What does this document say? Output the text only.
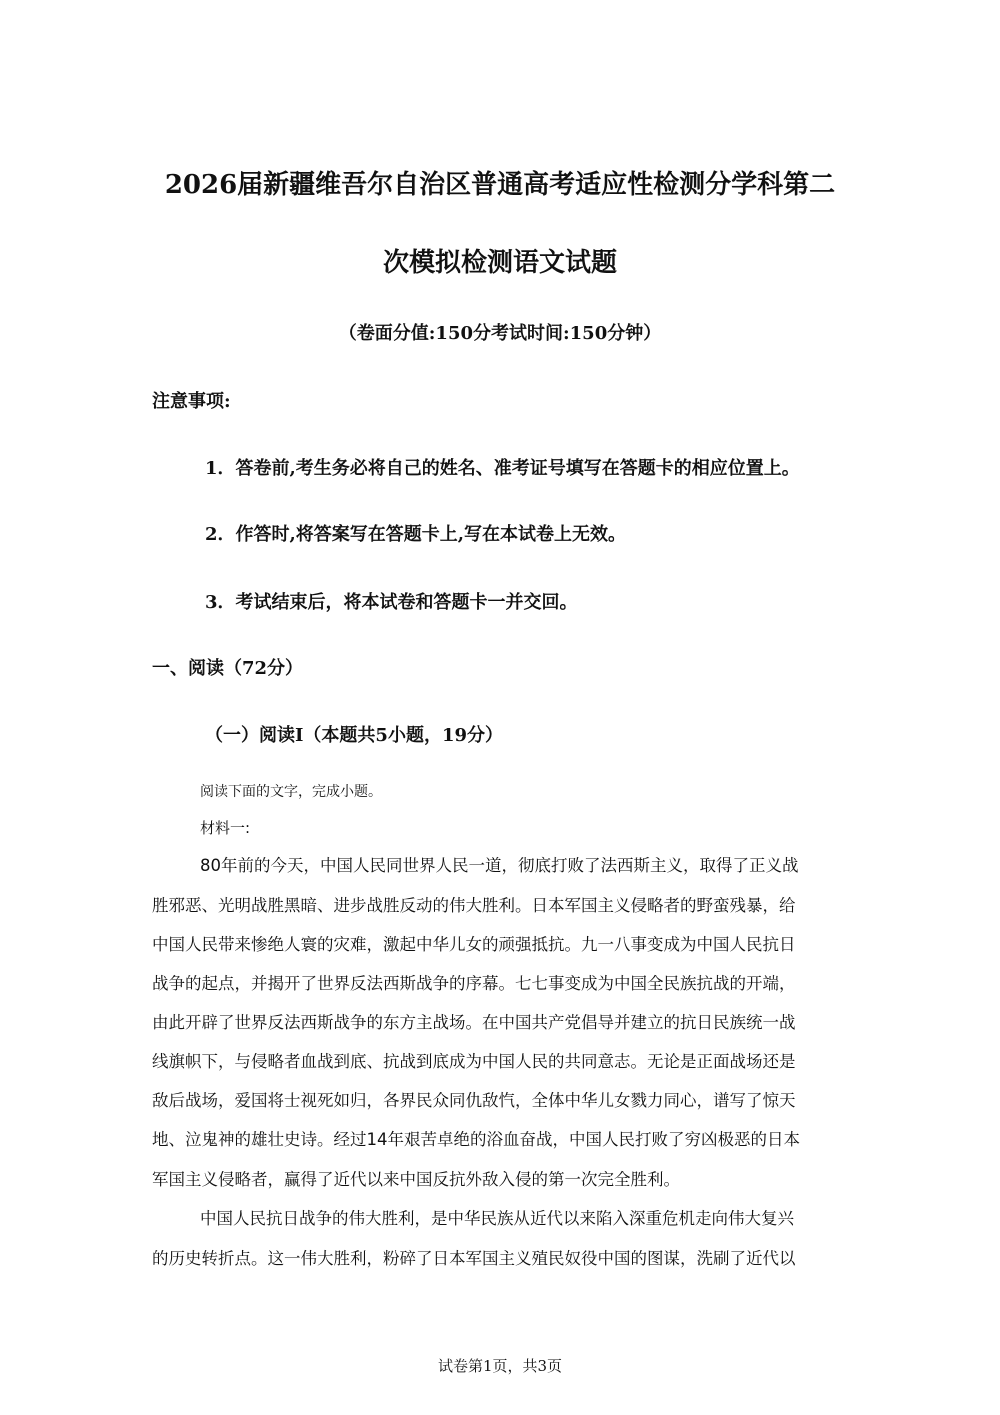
2026届新疆维吾尔自治区普通高考适应性检测分学科第二
次模拟检测语文试题
（卷面分值:150分考试时间:150分钟）
注意事项:
1．答卷前,考生务必将自己的姓名、准考证号填写在答题卡的相应位置上。
2．作答时,将答案写在答题卡上,写在本试卷上无效。
3．考试结束后，将本试卷和答题卡一并交回。
一、阅读（72分）
（一）阅读Ⅰ（本题共5小题，19分）
阅读下面的文字，完成小题。
材料一:
80年前的今天，中国人民同世界人民一道，彻底打败了法西斯主义，取得了正义战
胜邪恶、光明战胜黑暗、进步战胜反动的伟大胜利。日本军国主义侵略者的野蛮残暴，给
中国人民带来惨绝人寰的灾难，激起中华儿女的顽强抵抗。九一八事变成为中国人民抗日
战争的起点，并揭开了世界反法西斯战争的序幕。七七事变成为中国全民族抗战的开端，
由此开辟了世界反法西斯战争的东方主战场。在中国共产党倡导并建立的抗日民族统一战
线旗帜下，与侵略者血战到底、抗战到底成为中国人民的共同意志。无论是正面战场还是
敌后战场，爱国将士视死如归，各界民众同仇敌忾，全体中华儿女戮力同心，谱写了惊天
地、泣鬼神的雄壮史诗。经过14年艰苦卓绝的浴血奋战，中国人民打败了穷凶极恶的日本
军国主义侵略者，赢得了近代以来中国反抗外敌入侵的第一次完全胜利。
中国人民抗日战争的伟大胜利，是中华民族从近代以来陷入深重危机走向伟大复兴
的历史转折点。这一伟大胜利，粉碎了日本军国主义殖民奴役中国的图谋，洗刷了近代以
试卷第1页，共3页
